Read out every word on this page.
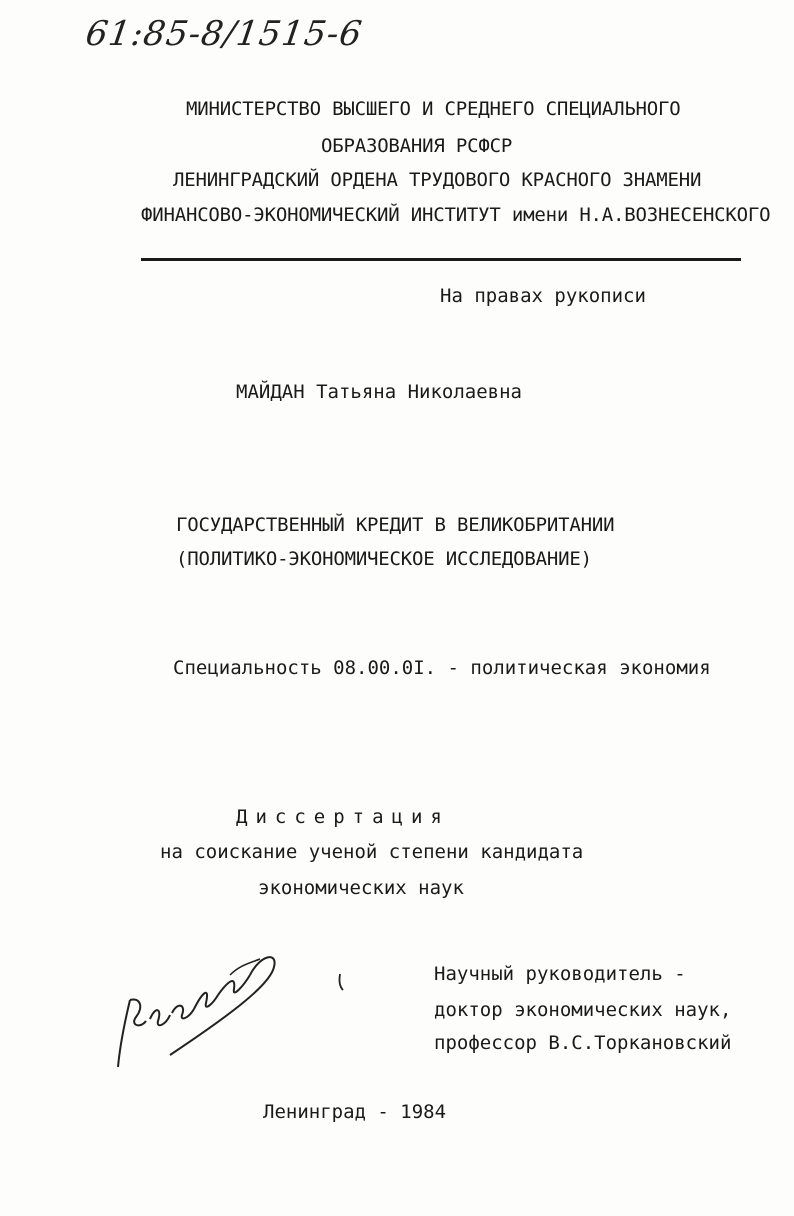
61:85-8/1515-6
МИНИСТЕРСТВО ВЫСШЕГО И СРЕДНЕГО СПЕЦИАЛЬНОГО
ОБРАЗОВАНИЯ РСФСР
ЛЕНИНГРАДСКИЙ ОРДЕНА ТРУДОВОГО КРАСНОГО ЗНАМЕНИ
ФИНАНСОВО-ЭКОНОМИЧЕСКИЙ ИНСТИТУТ имени Н.А.ВОЗНЕСЕНСКОГО
На правах рукописи
МАЙДАН Татьяна Николаевна
ГОСУДАРСТВЕННЫЙ КРЕДИТ В ВЕЛИКОБРИТАНИИ
(ПОЛИТИКО-ЭКОНОМИЧЕСКОЕ ИССЛЕДОВАНИЕ)
Специальность 08.00.0I. - политическая экономия
Диссертация
на соискание ученой степени кандидата
экономических наук
Научный руководитель -
доктор экономических наук,
профессор В.С.Торкановский
Ленинград - 1984
